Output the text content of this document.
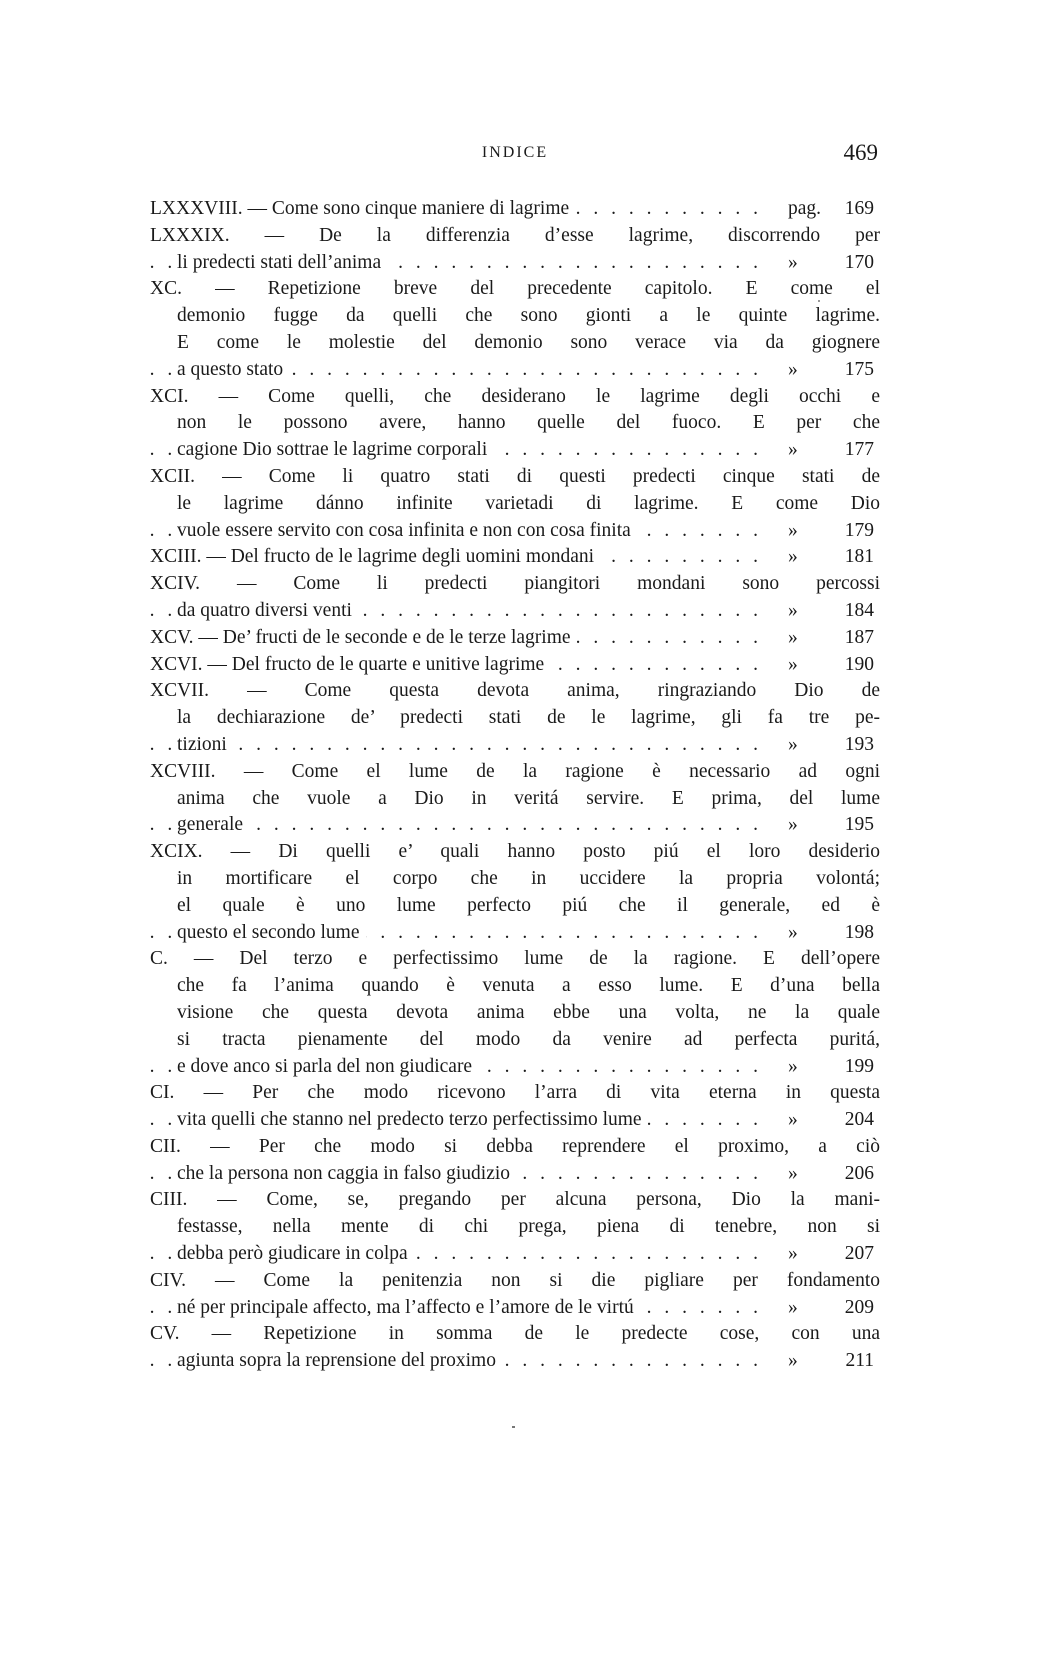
INDICE	469
LXXXVIII. — Come sono cinque maniere di lagrime	pag. 169
. . .
LXXXIX. — De la differenzia d’esse lagrime, discorrendo per
li predecti stati dell’anima	» 170
. . .
XC. — Repetizione breve del precedente capitolo. E come el
demonio fugge da quelli che sono gionti a le quinte lagrime.
E come le molestie del demonio sono verace via da giognere
a questo stato	» 175
. . .
XCI. — Come quelli, che desiderano le lagrime degli occhi e
non le possono avere, hanno quelle del fuoco. E per che
cagione Dio sottrae le lagrime corporali	» 177
. . .
XCII. — Come li quatro stati di questi predecti cinque stati de
le lagrime dánno infinite varietadi di lagrime. E come Dio
vuole essere servito con cosa infinita e non con cosa finita	» 179
. . .
XCIII. — Del fructo de le lagrime degli uomini mondani	» 181
. . .
XCIV. — Come li predecti piangitori mondani sono percossi
da quatro diversi venti	» 184
. . .
XCV. — De’ fructi de le seconde e de le terze lagrime	» 187
. . .
XCVI. — Del fructo de le quarte e unitive lagrime	» 190
. . .
XCVII. — Come questa devota anima, ringraziando Dio de
la dechiarazione de’ predecti stati de le lagrime, gli fa tre pe-
tizioni	» 193
. . .
XCVIII. — Come el lume de la ragione è necessario ad ogni
anima che vuole a Dio in veritá servire. E prima, del lume
generale	» 195
. . .
XCIX. — Di quelli e’ quali hanno posto piú el loro desiderio
in mortificare el corpo che in uccidere la propria volontá;
el quale è uno lume perfecto piú che il generale, ed è
questo el secondo lume	» 198
. . .
C. — Del terzo e perfectissimo lume de la ragione. E dell’opere
che fa l’anima quando è venuta a esso lume. E d’una bella
visione che questa devota anima ebbe una volta, ne la quale
si tracta pienamente del modo da venire ad perfecta puritá,
e dove anco si parla del non giudicare	» 199
. . .
CI. — Per che modo ricevono l’arra di vita eterna in questa
vita quelli che stanno nel predecto terzo perfectissimo lume	» 204
. . .
CII. — Per che modo si debba reprendere el proximo, a ciò
che la persona non caggia in falso giudizio	» 206
. . .
CIII. — Come, se, pregando per alcuna persona, Dio la mani-
festasse, nella mente di chi prega, piena di tenebre, non si
debba però giudicare in colpa	» 207
. . .
CIV. — Come la penitenzia non si die pigliare per fondamento
né per principale affecto, ma l’affecto e l’amore de le virtú	» 209
. . .
CV. — Repetizione in somma de le predecte cose, con una
agiunta sopra la reprensione del proximo	» 211
. . .
